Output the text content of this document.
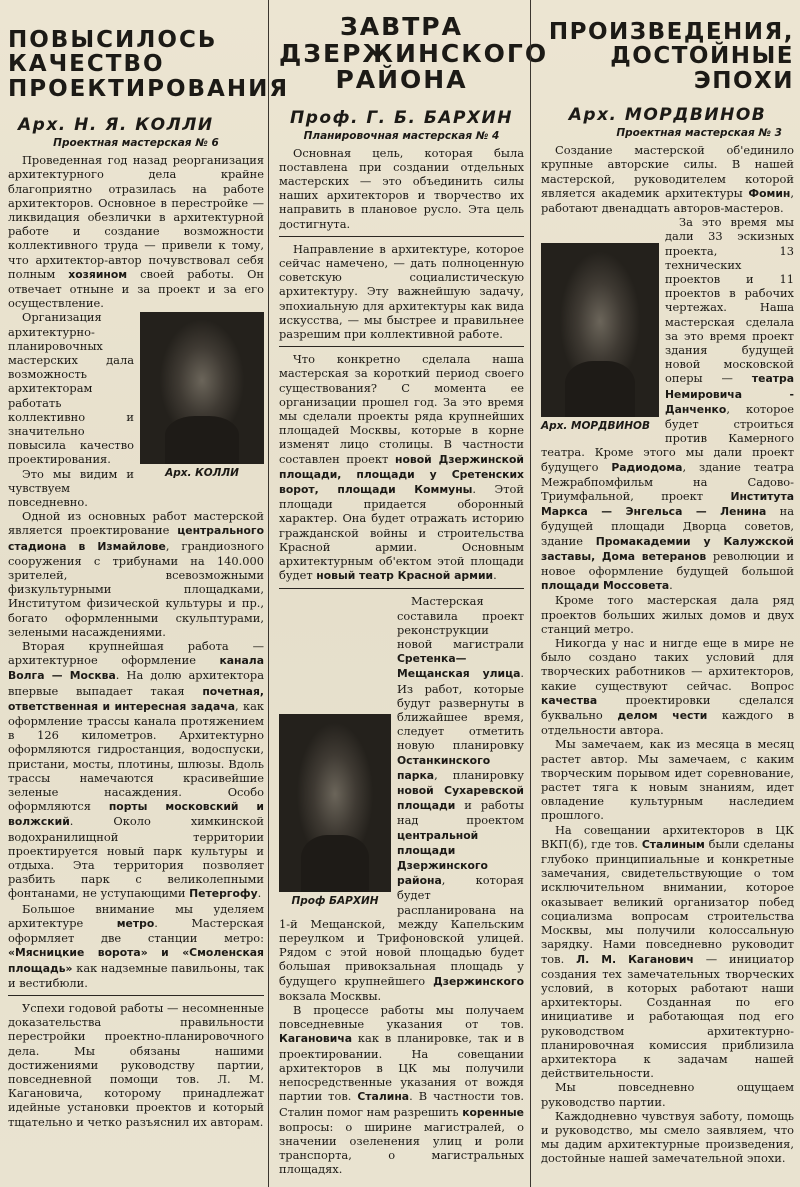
ПОВЫСИЛОСЬ КАЧЕСТВО ПРОЕКТИРОВАНИЯ
Арх. Н. Я. КОЛЛИ
Проектная мастерская № 6

Проведенная год назад реорганизация архитектурного дела крайне благоприятно отразилась на работе архитекторов. Основное в перестройке — ликвидация обезлички в архитектурной работе и создание возможности коллективного труда — привели к тому, что архитектор-автор почувствовал себя полным хозяином своей работы. Он отвечает отныне и за проект и за его осуществление.

Арх. КОЛЛИ

Организация архитектурно-планировочных мастерских дала возможность архитекторам работать коллективно и значительно повысила качество проектирования.

Это мы видим и чувствуем повседневно.

Одной из основных работ мастерской является проектирование центрального стадиона в Измайлове, грандиозного сооружения с трибунами на 140.000 зрителей, всевозможными физкультурными площадками, Институтом физической культуры и пр., богато оформленными скульптурами, зелеными насаждениями.

Вторая крупнейшая работа — архитектурное оформление канала Волга — Москва. На долю архитектора впервые выпадает такая почетная, ответственная и интересная задача, как оформление трассы канала протяжением в 126 километров. Архитектурно оформляются гидростанция, водоспуски, пристани, мосты, плотины, шлюзы. Вдоль трассы намечаются красивейшие зеленые насаждения. Особо оформляются порты московский и волжский. Около химкинской водохранилищной территории проектируется новый парк культуры и отдыха. Эта территория позволяет разбить парк с великолепными фонтанами, не уступающими Петергофу.

Большое внимание мы уделяем архитектуре метро. Мастерская оформляет две станции метро: «Мясницкие ворота» и «Смоленская площадь» как надземные павильоны, так и вестибюли.

Успехи годовой работы — несомненные доказательства правильности перестройки проектно-планировочного дела. Мы обязаны нашими достижениями руководству партии, повседневной помощи тов. Л. М. Кагановича, которому принадлежат идейные установки проектов и который тщательно и четко разъяснил их авторам.

ЗАВТРА ДЗЕРЖИНСКОГО РАЙОНА
Проф. Г. Б. БАРХИН
Планировочная мастерская № 4

Основная цель, которая была поставлена при создании отдельных мастерских — это объединить силы наших архитекторов и творчество их направить в плановое русло. Эта цель достигнута.

Направление в архитектуре, которое сейчас намечено, — дать полноценную советскую социалистическую архитектуру. Эту важнейшую задачу, эпохиальную для архитектуры как вида искусства, — мы быстрее и правильнее разрешим при коллективной работе.

Что конкретно сделала наша мастерская за короткий период своего существования? С момента ее организации прошел год. За это время мы сделали проекты ряда крупнейших площадей Москвы, которые в корне изменят лицо столицы. В частности составлен проект новой Дзержинской площади, площади у Сретенских ворот, площади Коммуны. Этой площади придается оборонный характер. Она будет отражать историю гражданской войны и строительства Красной армии. Основным архитектурным об'ектом этой площади будет новый театр Красной армии.

Проф БАРХИН

Мастерская составила проект реконструкции новой магистрали Сретенка—Мещанская улица. Из работ, которые будут развернуты в ближайшее время, следует отметить новую планировку Останкинского парка, планировку новой Сухаревской площади и работы над проектом центральной площади Дзержинского района, которая будет распланирована на 1-й Мещанской, между Капельским переулком и Трифоновской улицей. Рядом с этой новой площадью будет большая привокзальная площадь у будущего крупнейшего Дзержинского вокзала Москвы.

В процессе работы мы получаем повседневные указания от тов. Кагановича как в планировке, так и в проектировании. На совещании архитекторов в ЦК мы получили непосредственные указания от вождя партии тов. Сталина. В частности тов. Сталин помог нам разрешить коренные вопросы: о ширине магистралей, о значении озеленения улиц и роли транспорта, о магистральных площадях.

ПРОИЗВЕДЕНИЯ, ДОСТОЙНЫЕ ЭПОХИ
Арх. МОРДВИНОВ
Проектная мастерская № 3

Создание мастерской об'единило крупные авторские силы. В нашей мастерской, руководителем которой является академик архитектуры Фомин, работают двенадцать авторов-мастеров.

Арх. МОРДВИНОВ

За это время мы дали 33 эскизных проекта, 13 технических проектов и 11 проектов в рабочих чертежах. Наша мастерская сделала за это время проект здания будущей новой московской оперы — театра Немировича - Данченко, которое будет строиться против Камерного театра. Кроме этого мы дали проект будущего Радиодома, здание театра Межрабпомфильм на Садово-Триумфальной, проект Института Маркса — Энгельса — Ленина на будущей площади Дворца советов, здание Промакадемии у Калужской заставы, Дома ветеранов революции и новое оформление будущей большой площади Моссовета.

Кроме того мастерская дала ряд проектов больших жилых домов и двух станций метро.

Никогда у нас и нигде еще в мире не было создано таких условий для творческих работников — архитекторов, какие существуют сейчас. Вопрос качества проектировки сделался буквально делом чести каждого в отдельности автора.

Мы замечаем, как из месяца в месяц растет автор. Мы замечаем, с каким творческим порывом идет соревнование, растет тяга к новым знаниям, идет овладение культурным наследием прошлого.

На совещании архитекторов в ЦК ВКП(б), где тов. Сталиным были сделаны глубоко принципиальные и конкретные замечания, свидетельствующие о том исключительном внимании, которое оказывает великий организатор побед социализма вопросам строительства Москвы, мы получили колоссальную зарядку. Нами повседневно руководит тов. Л. М. Каганович — инициатор создания тех замечательных творческих условий, в которых работают наши архитекторы. Созданная по его инициативе и работающая под его руководством архитектурно-планировочная комиссия приблизила архитектора к задачам нашей действительности.

Мы повседневно ощущаем руководство партии.

Каждодневно чувствуя заботу, помощь и руководство, мы смело заявляем, что мы дадим архитектурные произведения, достойные нашей замечательной эпохи.
